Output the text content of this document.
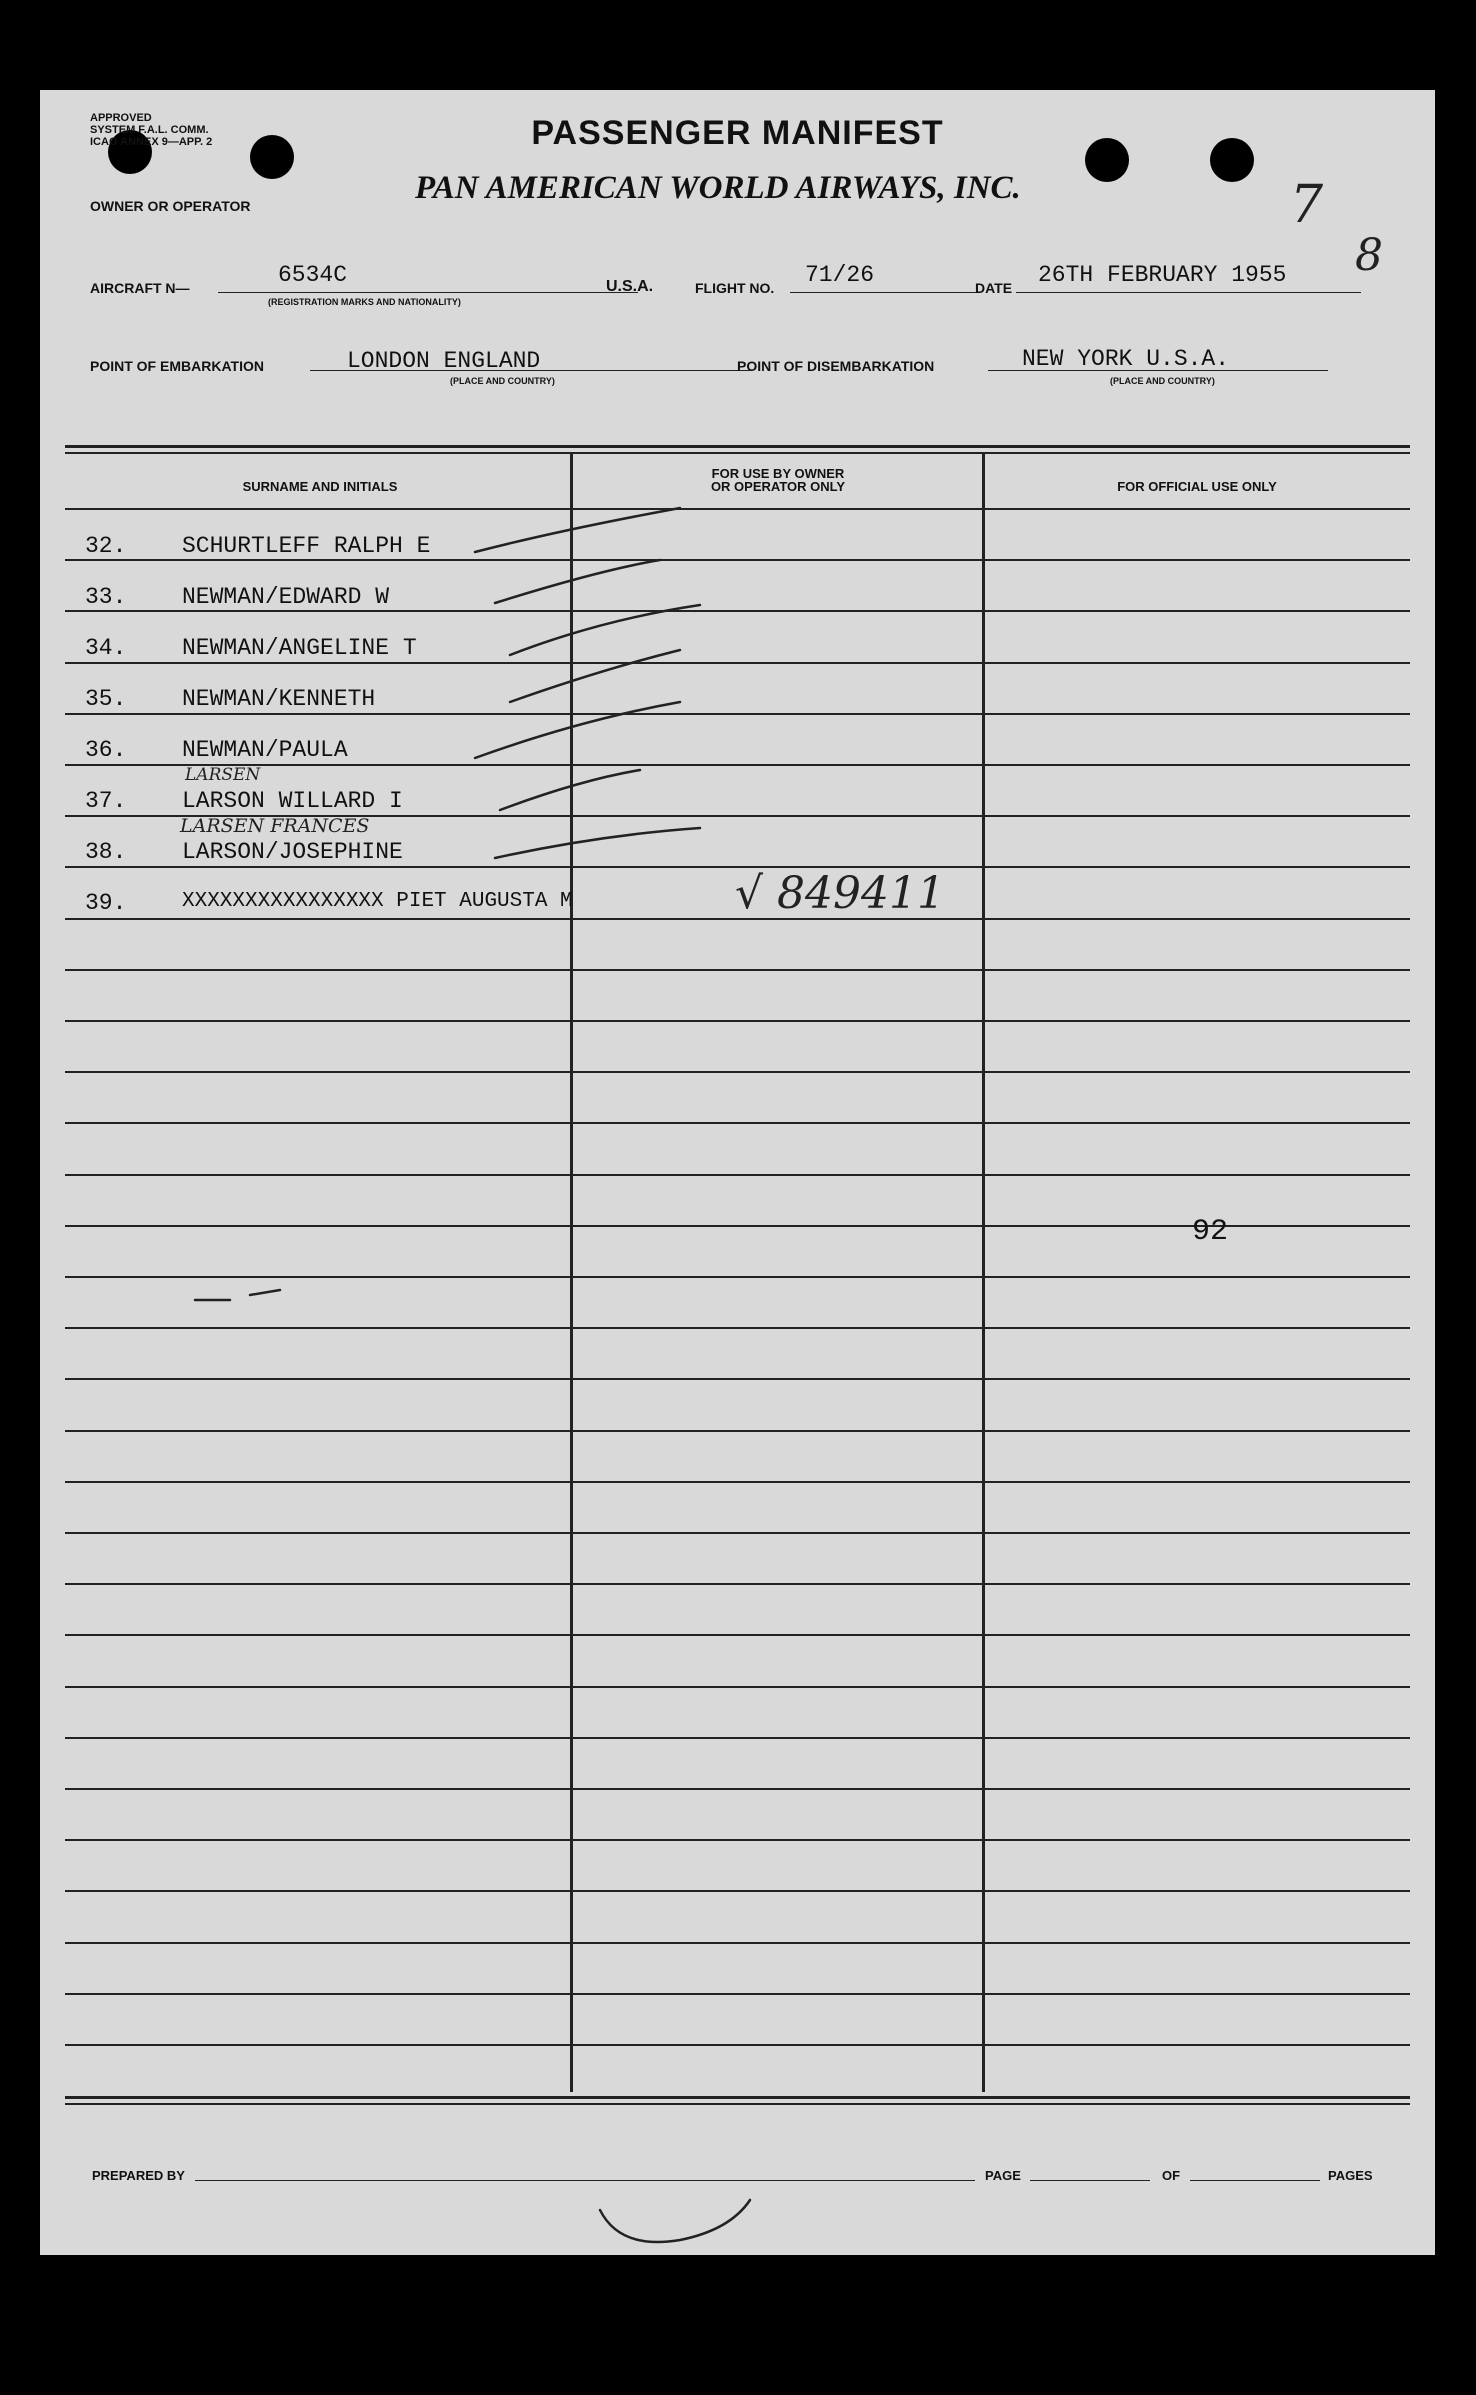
APPROVED
SYSTEM F.A.L. COMM.
ICAO ANNEX 9—APP. 2	PASSENGER MANIFEST
OWNER OR OPERATOR	PAN AMERICAN WORLD AIRWAYS, INC.	7
8
AIRCRAFT N—	6534C
(REGISTRATION MARKS AND NATIONALITY)
U.S.A.	FLIGHT NO. 71/26	DATE 26TH FEBRUARY 1955
POINT OF EMBARKATION	LONDON ENGLAND
(PLACE AND COUNTRY)
POINT OF DISEMBARKATION	NEW YORK U.S.A.
(PLACE AND COUNTRY)
SURNAME AND INITIALS
FOR USE BY OWNER
OR OPERATOR ONLY	FOR OFFICIAL USE ONLY
32. SCHURTLEFF RALPH E
33. NEWMAN/EDWARD W
34. NEWMAN/ANGELINE T
35. NEWMAN/KENNETH
36. NEWMAN/PAULA
LARSEN
37. LARSON WILLARD I
LARSEN FRANCES
38. LARSON/JOSEPHINE
39.	XXXXXXXXXXXXXXXX PIET AUGUSTA M	√ 849411
92
PREPARED BY	PAGE	OF	PAGES
